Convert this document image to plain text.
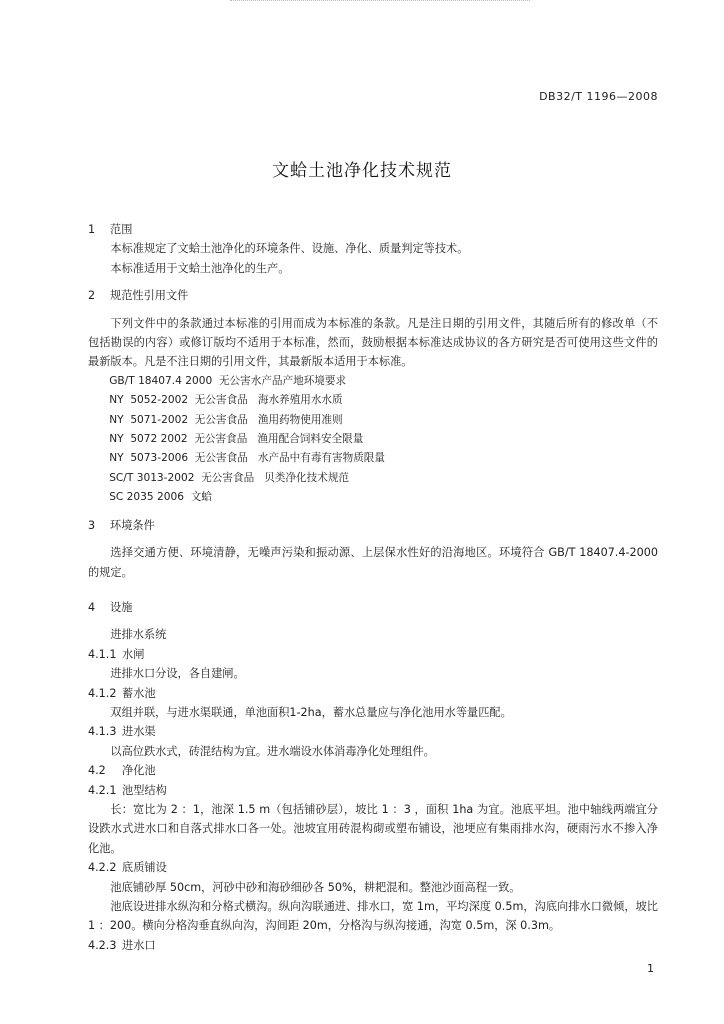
DB32/T 1196—2008
文蛤土池净化技术规范
1 范围
本标准规定了文蛤土池净化的环境条件、设施、净化、质量判定等技术。
本标准适用于文蛤土池净化的生产。
2 规范性引用文件
下列文件中的条款通过本标准的引用而成为本标准的条款。凡是注日期的引用文件，其随后所有的修改单（不包括勘误的内容）或修订版均不适用于本标准，然而，鼓励根据本标准达成协议的各方研究是否可使用这些文件的最新版本。凡是不注日期的引用文件，其最新版本适用于本标准。
GB/T 18407.4 2000  无公害水产品产地环境要求
NY  5052-2002  无公害食品   海水养殖用水水质
NY  5071-2002  无公害食品   渔用药物使用准则
NY  5072 2002  无公害食品   渔用配合饲料安全限量
NY  5073-2006  无公害食品   水产品中有毒有害物质限量
SC/T 3013-2002  无公害食品   贝类净化技术规范
SC 2035 2006  文蛤
3 环境条件
选择交通方便、环境清静，无噪声污染和振动源、上层保水性好的沿海地区。环境符合 GB/T 18407.4-2000 的规定。
4 设施
进排水系统
4.1.1 水闸
进排水口分设，各自建闸。
4.1.2 蓄水池
双组并联，与进水渠联通，单池面积1-2ha，蓄水总量应与净化池用水等量匹配。
4.1.3 进水渠
以高位跌水式，砖混结构为宜。进水端设水体消毒净化处理组件。
4.2 净化池
4.2.1 池型结构
长：宽比为 2 ：1，池深 1.5 m（包括铺砂层），坡比 1 ：3 ，面积 1ha 为宜。池底平坦。池中轴线两端宜分设跌水式进水口和自落式排水口各一处。池坡宜用砖混构砌或塑布铺设，池埂应有集雨排水沟，硬雨污水不掺入净化池。
4.2.2 底质铺设
池底铺砂厚 50cm，河砂中砂和海砂细砂各 50%，耕耙混和。整池沙面高程一致。
池底设进排水纵沟和分格式横沟。纵向沟联通进、排水口，宽 1m，平均深度 0.5m，沟底向排水口微倾，坡比 1 ：200。横向分格沟垂直纵向沟，沟间距 20m，分格沟与纵沟接通，沟宽 0.5m，深 0.3m。
4.2.3 进水口
1
